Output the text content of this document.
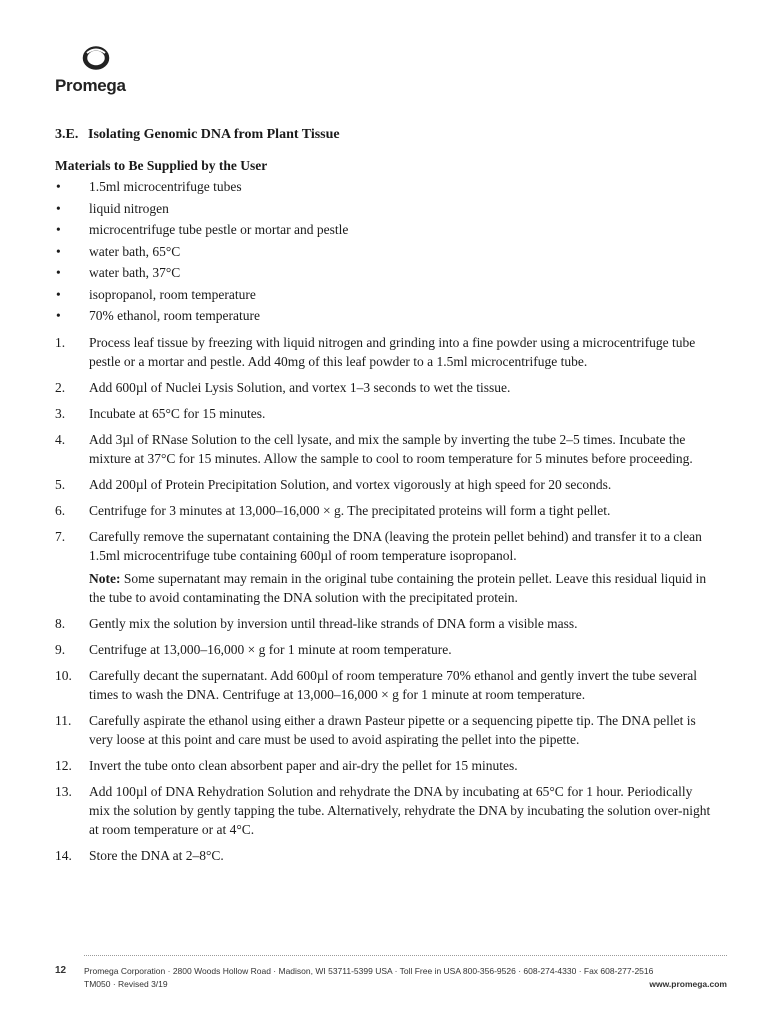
Promega
3.E. Isolating Genomic DNA from Plant Tissue
Materials to Be Supplied by the User
• 1.5ml microcentrifuge tubes
• liquid nitrogen
• microcentrifuge tube pestle or mortar and pestle
• water bath, 65°C
• water bath, 37°C
• isopropanol, room temperature
• 70% ethanol, room temperature
1. Process leaf tissue by freezing with liquid nitrogen and grinding into a fine powder using a microcentrifuge tube pestle or a mortar and pestle. Add 40mg of this leaf powder to a 1.5ml microcentrifuge tube.
2. Add 600µl of Nuclei Lysis Solution, and vortex 1–3 seconds to wet the tissue.
3. Incubate at 65°C for 15 minutes.
4. Add 3µl of RNase Solution to the cell lysate, and mix the sample by inverting the tube 2–5 times. Incubate the mixture at 37°C for 15 minutes. Allow the sample to cool to room temperature for 5 minutes before proceeding.
5. Add 200µl of Protein Precipitation Solution, and vortex vigorously at high speed for 20 seconds.
6. Centrifuge for 3 minutes at 13,000–16,000 × g. The precipitated proteins will form a tight pellet.
7. Carefully remove the supernatant containing the DNA (leaving the protein pellet behind) and transfer it to a clean 1.5ml microcentrifuge tube containing 600µl of room temperature isopropanol.
Note: Some supernatant may remain in the original tube containing the protein pellet. Leave this residual liquid in the tube to avoid contaminating the DNA solution with the precipitated protein.
8. Gently mix the solution by inversion until thread-like strands of DNA form a visible mass.
9. Centrifuge at 13,000–16,000 × g for 1 minute at room temperature.
10. Carefully decant the supernatant. Add 600µl of room temperature 70% ethanol and gently invert the tube several times to wash the DNA. Centrifuge at 13,000–16,000 × g for 1 minute at room temperature.
11. Carefully aspirate the ethanol using either a drawn Pasteur pipette or a sequencing pipette tip. The DNA pellet is very loose at this point and care must be used to avoid aspirating the pellet into the pipette.
12. Invert the tube onto clean absorbent paper and air-dry the pellet for 15 minutes.
13. Add 100µl of DNA Rehydration Solution and rehydrate the DNA by incubating at 65°C for 1 hour. Periodically mix the solution by gently tapping the tube. Alternatively, rehydrate the DNA by incubating the solution over-night at room temperature or at 4°C.
14. Store the DNA at 2–8°C.
12 Promega Corporation · 2800 Woods Hollow Road · Madison, WI 53711-5399 USA · Toll Free in USA 800-356-9526 · 608-274-4330 · Fax 608-277-2516
TM050 · Revised 3/19	www.promega.com
